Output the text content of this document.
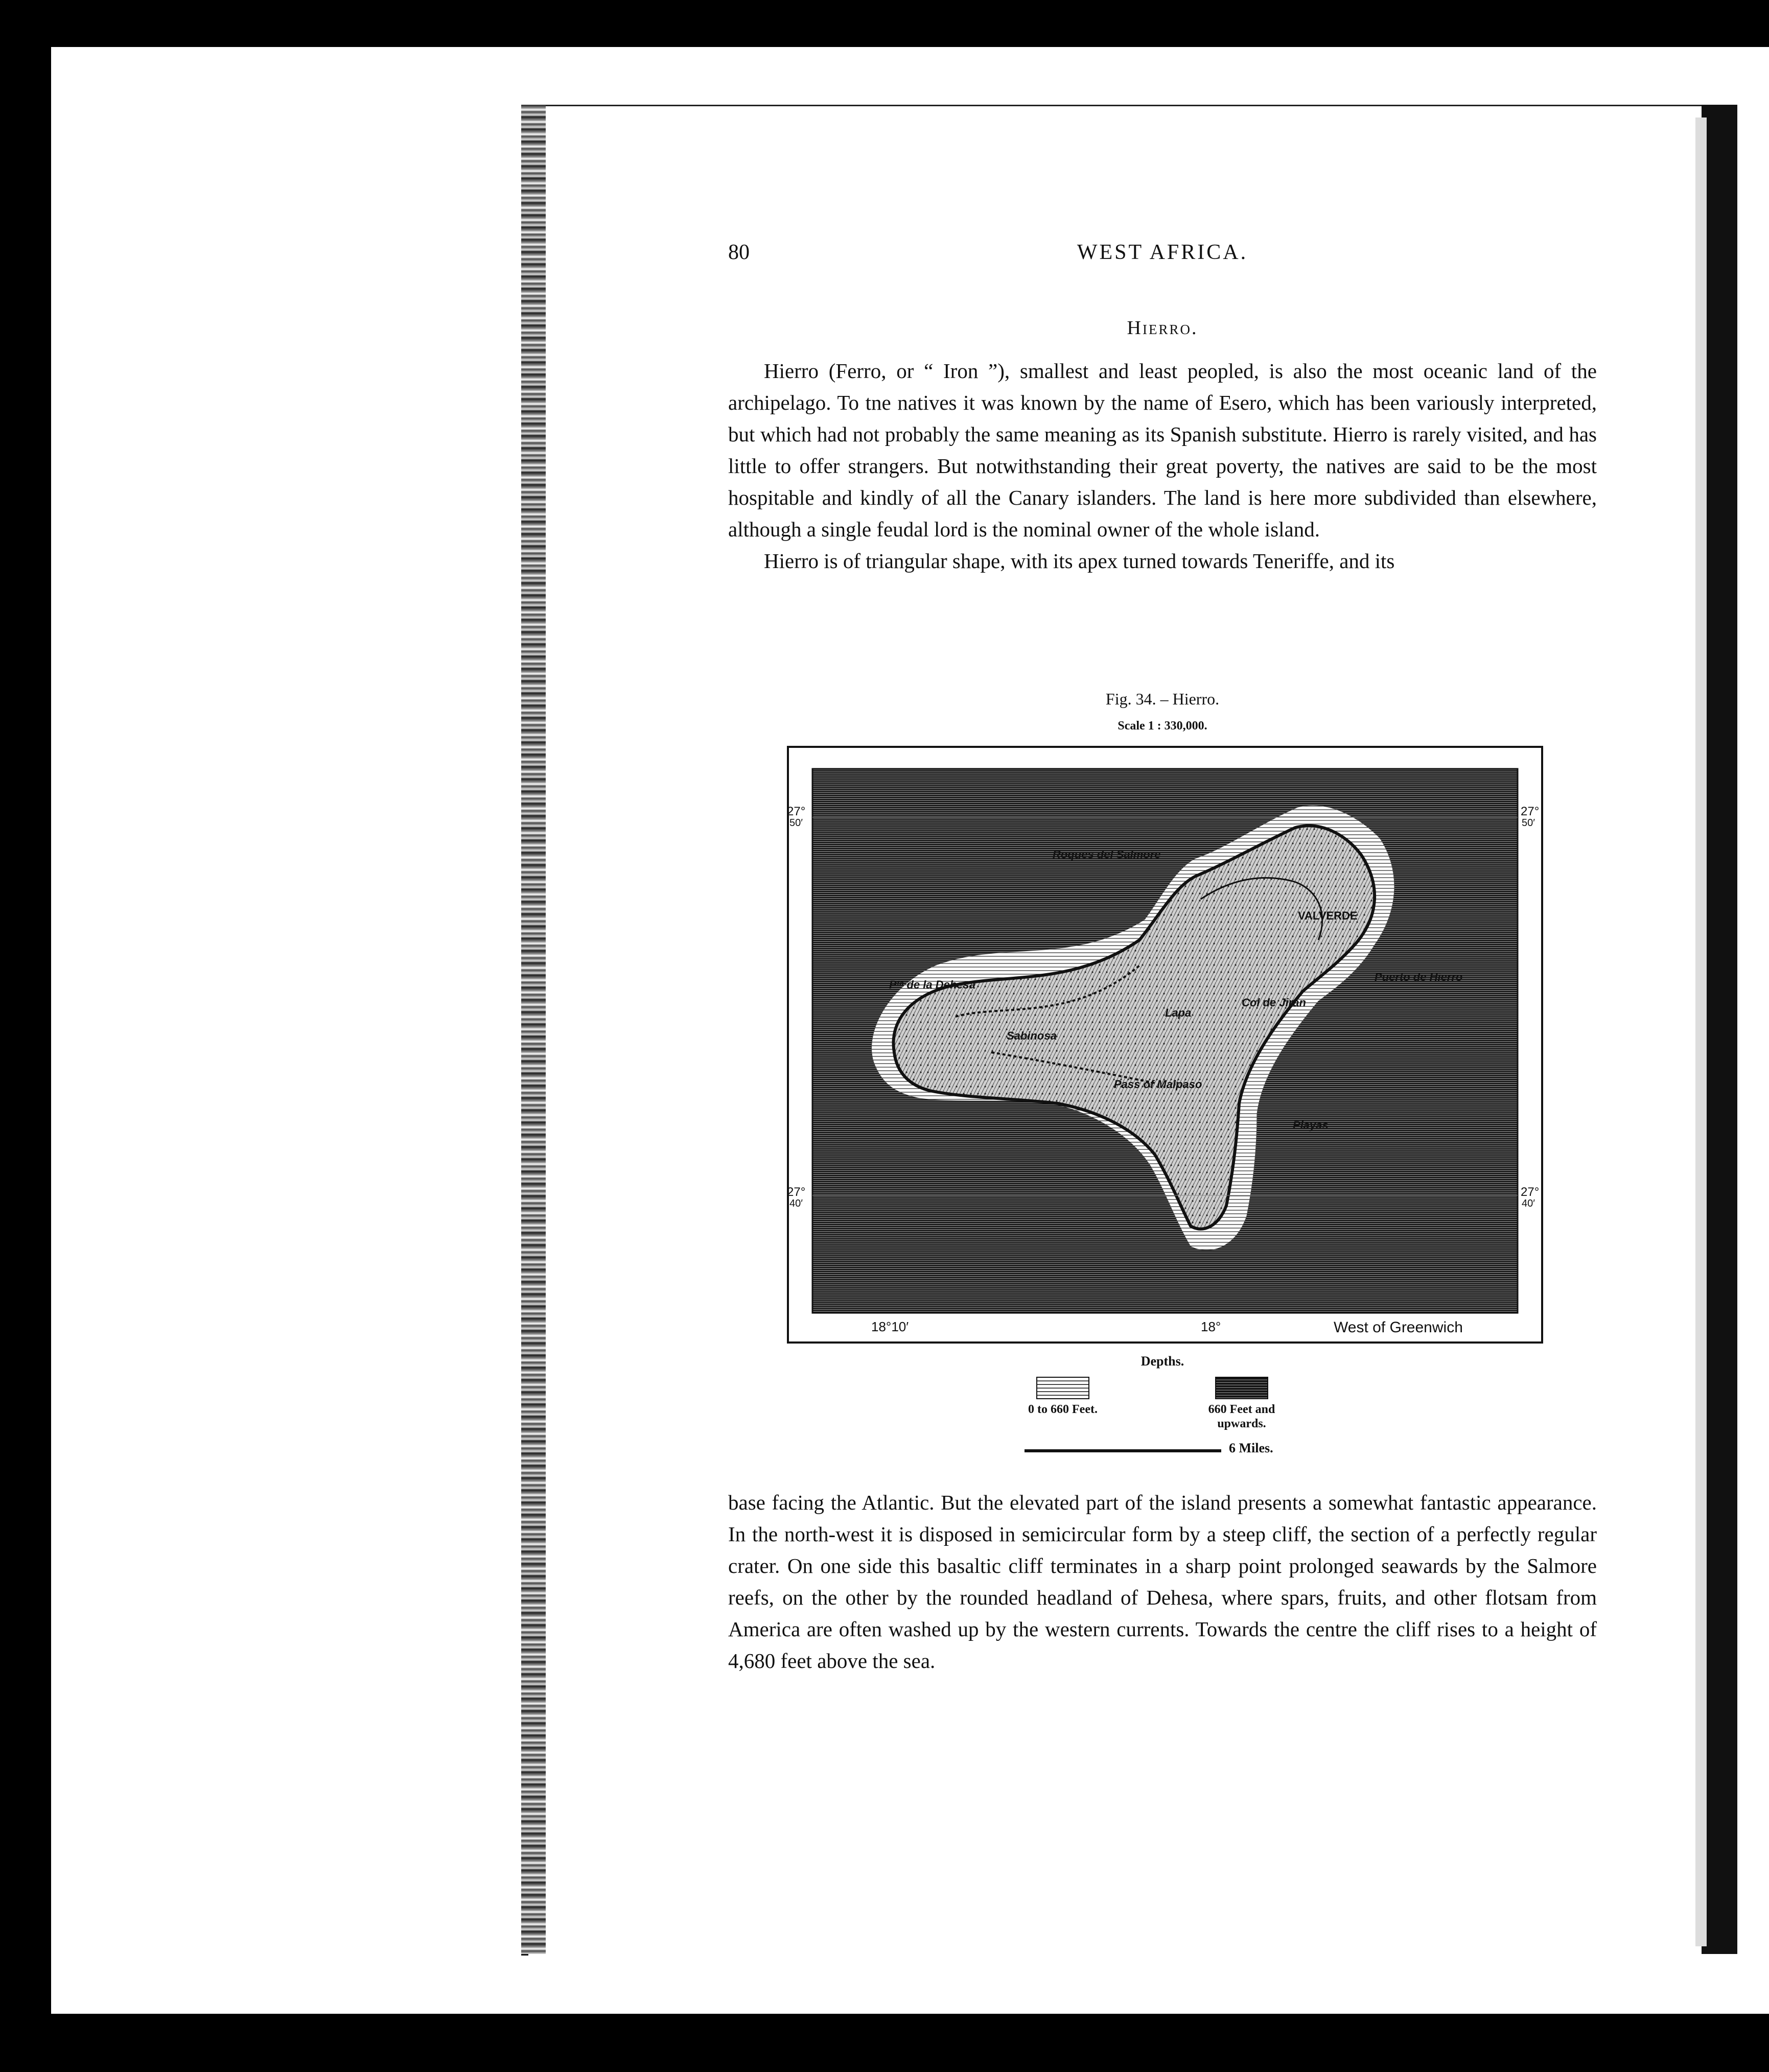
80	WEST AFRICA.
Hierro.

Hierro (Ferro, or “ Iron ”), smallest and least peopled, is also the most oceanic land of the archipelago. To tne natives it was known by the name of Esero, which has been variously interpreted, but which had not probably the same meaning as its Spanish substitute. Hierro is rarely visited, and has little to offer strangers. But notwithstanding their great poverty, the natives are said to be the most hospitable and kindly of all the Canary islanders. The land is here more subdivided than elsewhere, although a single feudal lord is the nominal owner of the whole island.

Hierro is of triangular shape, with its apex turned towards Teneriffe, and its

Fig. 34. – Hierro.
Scale 1 : 330,000.
Roques del Salmore
VALVERDE
Pᵗᵃ de la Dehesa
Puerto de Hierro
Sabinosa
Lapa
Col de Jiran
Pass of Malpaso
Playas
27°
50′
27°
50′
27°
40′
27°
40′
18°10′	18°	West of Greenwich
Depths.
0 to 660 Feet.	660 Feet and upwards.
6 Miles.

base facing the Atlantic. But the elevated part of the island presents a somewhat fantastic appearance. In the north-west it is disposed in semicircular form by a steep cliff, the section of a perfectly regular crater. On one side this basaltic cliff terminates in a sharp point prolonged seawards by the Salmore reefs, on the other by the rounded headland of Dehesa, where spars, fruits, and other flotsam from America are often washed up by the western currents. Towards the centre the cliff rises to a height of 4,680 feet above the sea.
